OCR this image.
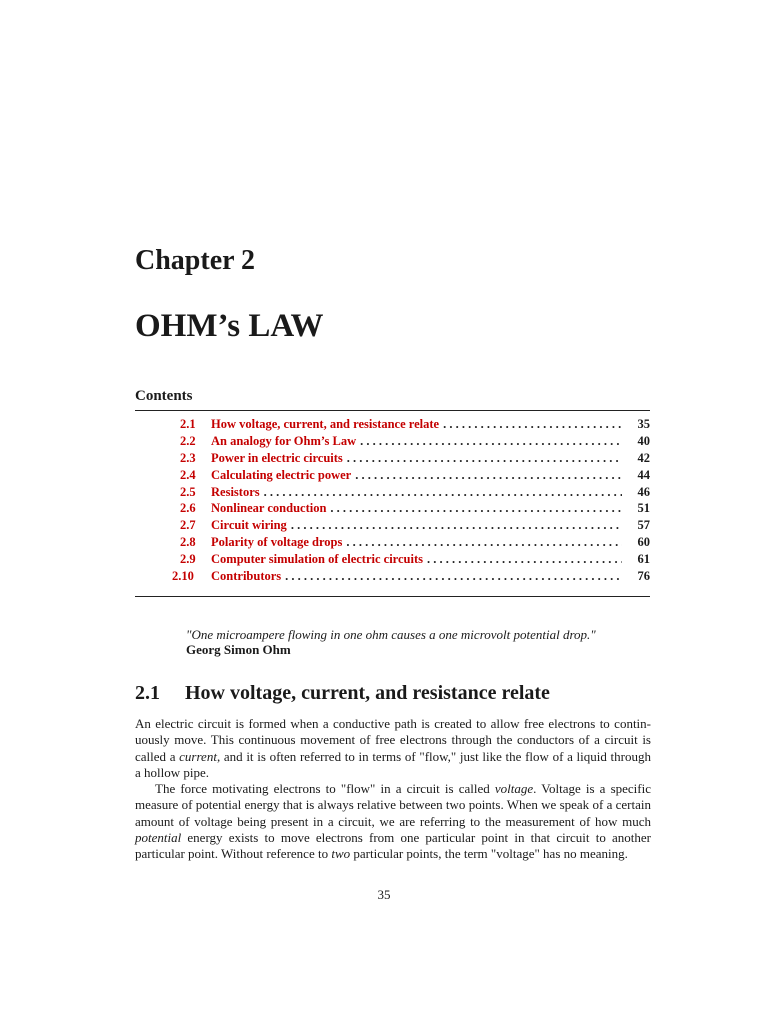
Chapter 2
OHM’s LAW
Contents
2.1	How voltage, current, and resistance relate . . .	35
2.2	An analogy for Ohm’s Law . . .	40
2.3	Power in electric circuits . . .	42
2.4	Calculating electric power . . .	44
2.5	Resistors . . .	46
2.6	Nonlinear conduction . . .	51
2.7	Circuit wiring . . .	57
2.8	Polarity of voltage drops . . .	60
2.9	Computer simulation of electric circuits . . .	61
2.10	Contributors . . .	76

"One microampere flowing in one ohm causes a one microvolt potential drop."

Georg Simon Ohm

2.1 How voltage, current, and resistance relate

An electric circuit is formed when a conductive path is created to allow free electrons to contin- uously move. This continuous movement of free electrons through the conductors of a circuit is called a current, and it is often referred to in terms of "flow," just like the flow of a liquid through a hollow pipe.

The force motivating electrons to "flow" in a circuit is called voltage. Voltage is a specific measure of potential energy that is always relative between two points. When we speak of a certain amount of voltage being present in a circuit, we are referring to the measurement of how much potential energy exists to move electrons from one particular point in that circuit to another particular point. Without reference to two particular points, the term "voltage" has no meaning.

35
